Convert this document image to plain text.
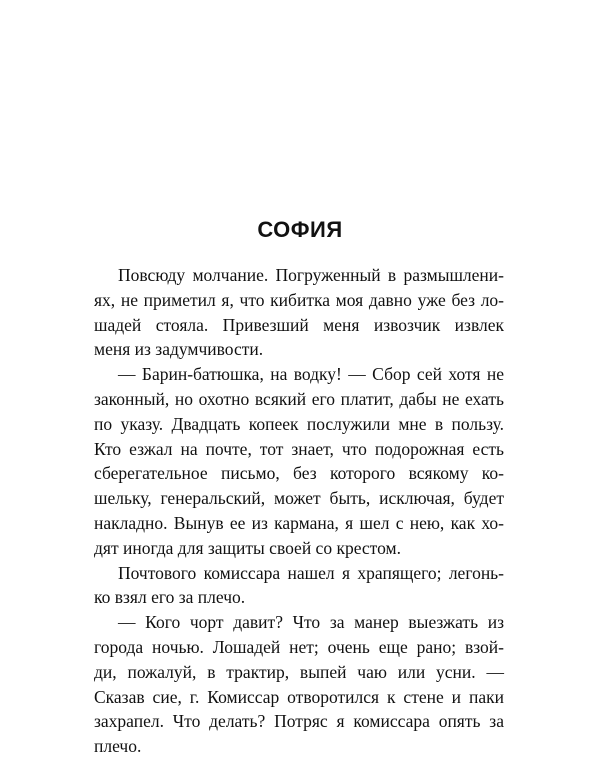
СОФИЯ
Повсюду молчание. Погруженный в размышлени-
ях, не приметил я, что кибитка моя давно уже без ло-
шадей стояла. Привезший меня извозчик извлек
меня из задумчивости.
— Барин-батюшка, на водку! — Сбор сей хотя не
законный, но охотно всякий его платит, дабы не ехать
по указу. Двадцать копеек послужили мне в пользу.
Кто езжал на почте, тот знает, что подорожная есть
сберегательное письмо, без которого всякому ко-
шельку, генеральский, может быть, исключая, будет
накладно. Вынув ее из кармана, я шел с нею, как хо-
дят иногда для защиты своей со крестом.
Почтового комиссара нашел я храпящего; легонь-
ко взял его за плечо.
— Кого чорт давит? Что за манер выезжать из
города ночью. Лошадей нет; очень еще рано; взой-
ди, пожалуй, в трактир, выпей чаю или усни. —
Сказав сие, г. Комиссар отворотился к стене и паки
захрапел. Что делать? Потряс я комиссара опять за
плечо.
